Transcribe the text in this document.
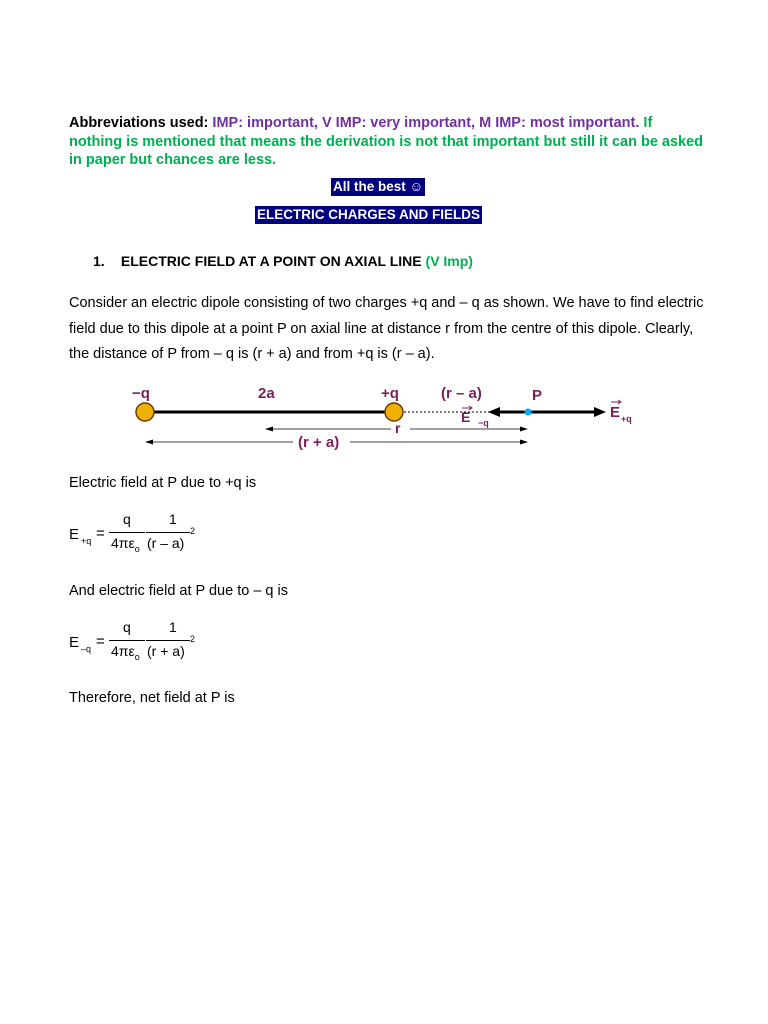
Abbreviations used: IMP: important, V IMP: very important, M IMP: most important. If nothing is mentioned that means the derivation is not that important but still it can be asked in paper but chances are less.
All the best ☺
ELECTRIC CHARGES AND FIELDS
1. ELECTRIC FIELD AT A POINT ON AXIAL LINE (V Imp)
Consider an electric dipole consisting of two charges +q and – q as shown. We have to find electric field due to this dipole at a point P on axial line at distance r from the centre of this dipole. Clearly, the distance of P from – q is (r + a) and from +q is (r – a).
−q	2a	+q	(r – a)	P
E −q
E +q
r
(r + a)
Electric field at P due to +q is
E +q =
q
$4\pi\varepsilon_o$
1
(r – a)
2
And electric field at P due to – q is
E –q =
q
$4\pi\varepsilon_o$
1
(r + a)
2
Therefore, net field at P is
